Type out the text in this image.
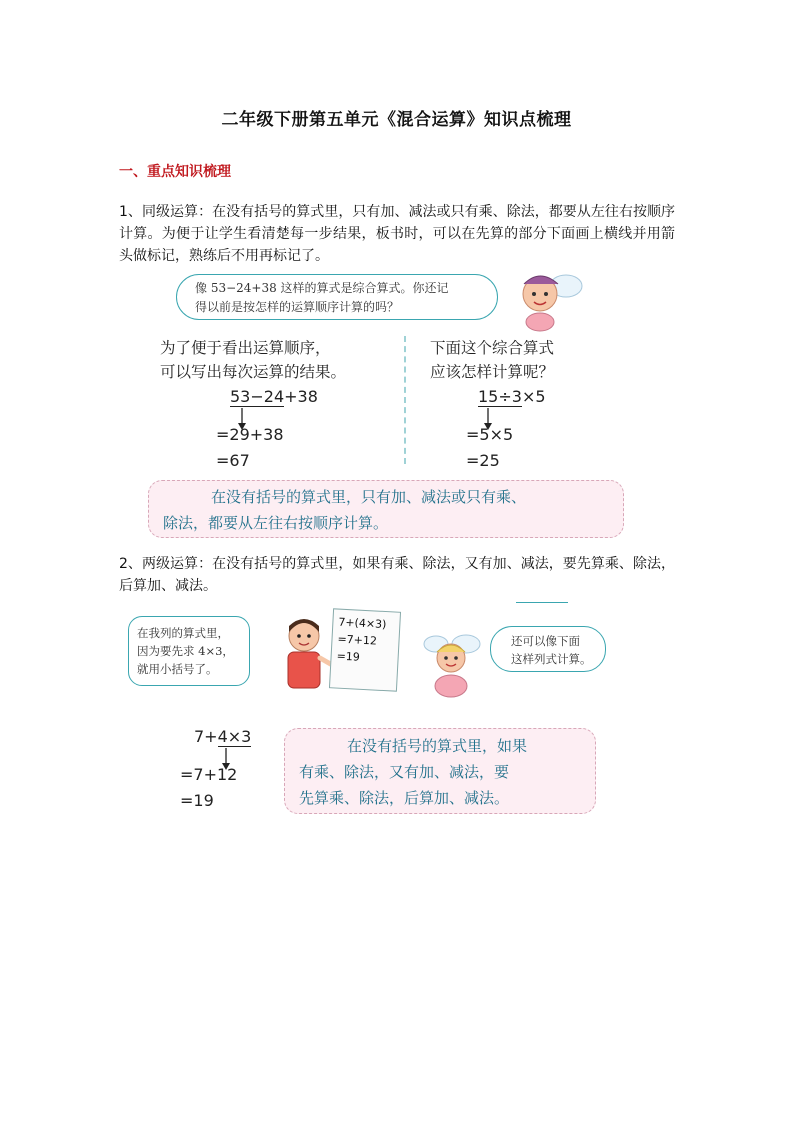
二年级下册第五单元《混合运算》知识点梳理
一、重点知识梳理
1、同级运算：在没有括号的算式里，只有加、减法或只有乘、除法，都要从左往右按顺序计算。为便于让学生看清楚每一步结果，板书时，可以在先算的部分下面画上横线并用箭头做标记，熟练后不用再标记了。
像 53−24+38 这样的算式是综合算式。你还记
得以前是按怎样的运算顺序计算的吗？
为了便于看出运算顺序，
可以写出每次运算的结果。
53−24+38
=29+38
=67
下面这个综合算式
应该怎样计算呢？
15÷3×5
=5×5
=25
在没有括号的算式里，只有加、减法或只有乘、
除法，都要从左往右按顺序计算。
2、两级运算：在没有括号的算式里，如果有乘、除法，又有加、减法，要先算乘、除法，后算加、减法。
在我列的算式里，
因为要先求 4×3，
就用小括号了。
7+(4×3)
=7+12
=19
还可以像下面
这样列式计算。
7+4×3
=7+12
=19
在没有括号的算式里，如果
有乘、除法，又有加、减法，要
先算乘、除法，后算加、减法。
